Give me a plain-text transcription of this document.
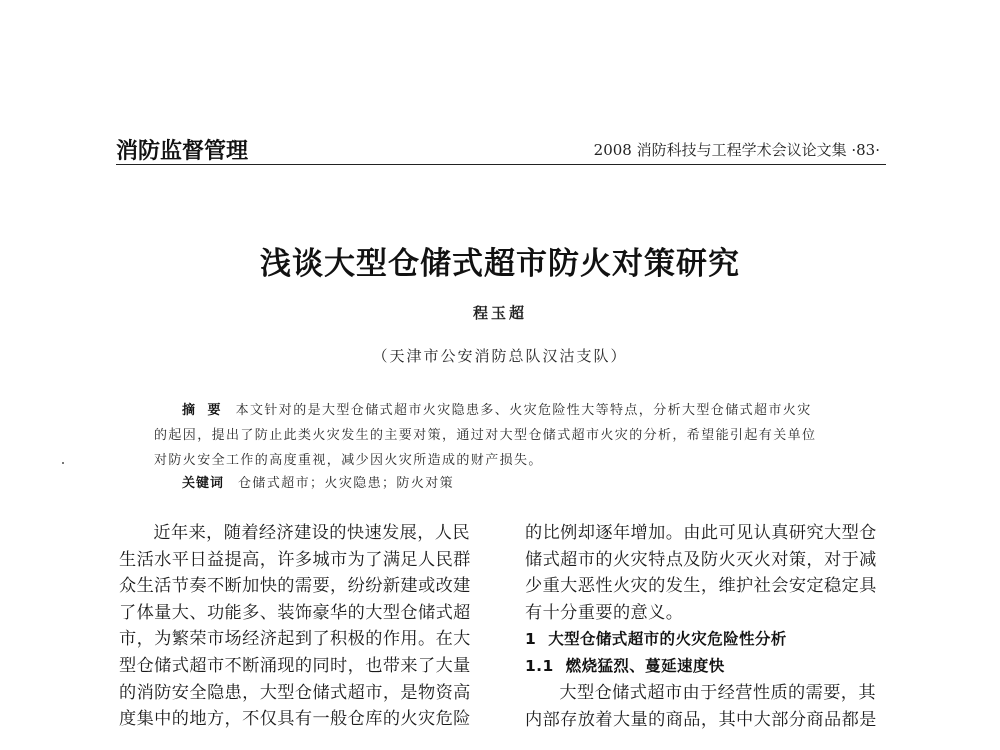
消防监督管理	2008 消防科技与工程学术会议论文集 ·83·
浅谈大型仓储式超市防火对策研究
程玉超
（天津市公安消防总队汉沽支队）
摘 要 本文针对的是大型仓储式超市火灾隐患多、火灾危险性大等特点，分析大型仓储式超市火灾
的起因，提出了防止此类火灾发生的主要对策，通过对大型仓储式超市火灾的分析，希望能引起有关单位
对防火安全工作的高度重视，减少因火灾所造成的财产损失。
关键词 仓储式超市；火灾隐患；防火对策
近年来，随着经济建设的快速发展，人民
生活水平日益提高，许多城市为了满足人民群
众生活节奏不断加快的需要，纷纷新建或改建
了体量大、功能多、装饰豪华的大型仓储式超
市，为繁荣市场经济起到了积极的作用。在大
型仓储式超市不断涌现的同时，也带来了大量
的消防安全隐患，大型仓储式超市，是物资高
度集中的地方，不仅具有一般仓库的火灾危险
的比例却逐年增加。由此可见认真研究大型仓
储式超市的火灾特点及防火灭火对策，对于减
少重大恶性火灾的发生，维护社会安定稳定具
有十分重要的意义。
1 大型仓储式超市的火灾危险性分析
1.1 燃烧猛烈、蔓延速度快
大型仓储式超市由于经营性质的需要，其
内部存放着大量的商品，其中大部分商品都是
